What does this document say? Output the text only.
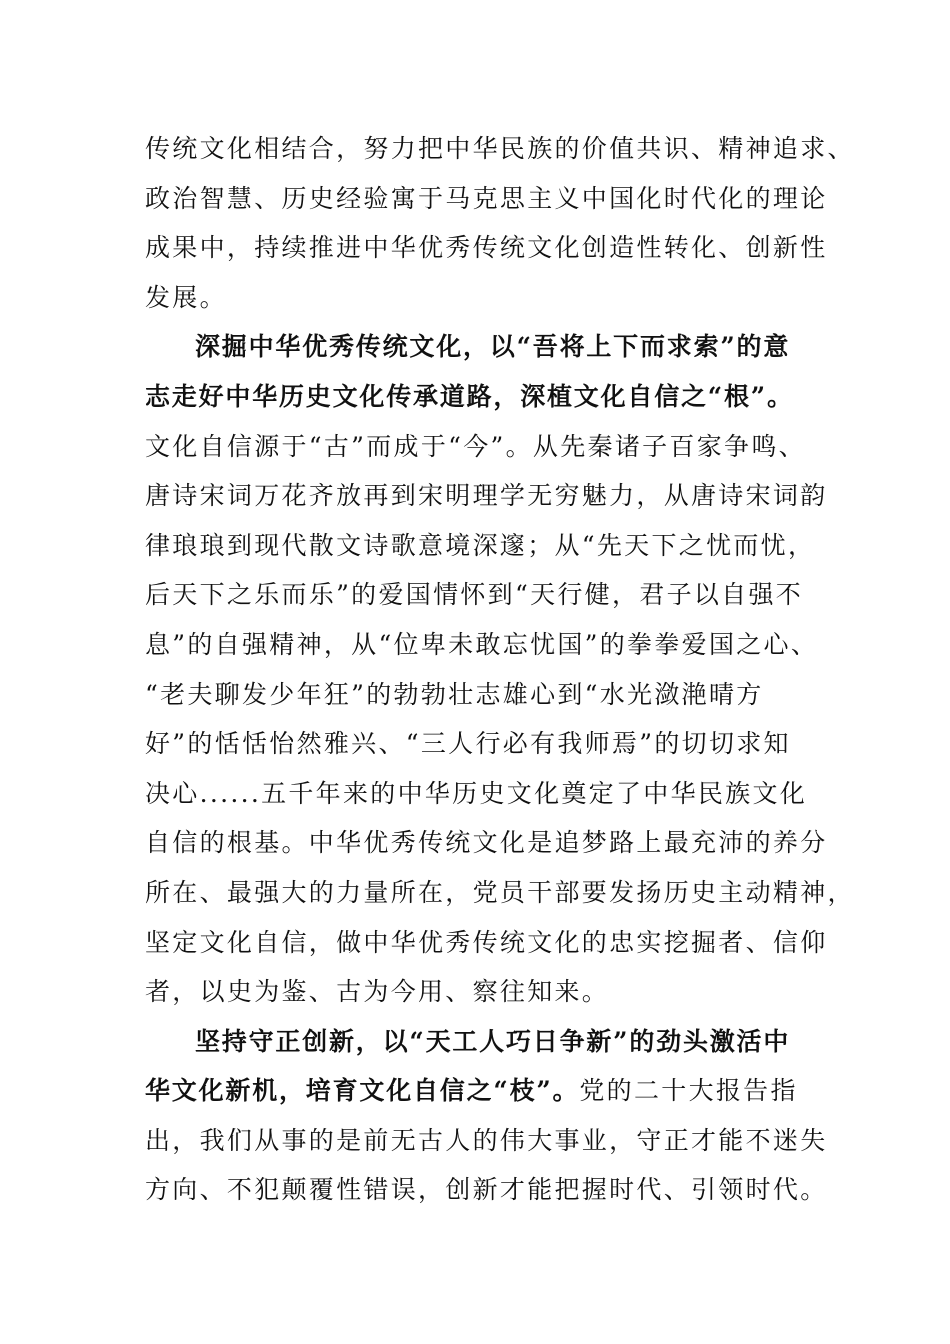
传统文化相结合，努力把中华民族的价值共识、精神追求、
政治智慧、历史经验寓于马克思主义中国化时代化的理论
成果中，持续推进中华优秀传统文化创造性转化、创新性
发展。
深掘中华优秀传统文化，以“吾将上下而求索”的意
志走好中华历史文化传承道路，深植文化自信之“根”。
文化自信源于“古”而成于“今”。从先秦诸子百家争鸣、
唐诗宋词万花齐放再到宋明理学无穷魅力，从唐诗宋词韵
律琅琅到现代散文诗歌意境深邃；从“先天下之忧而忧，
后天下之乐而乐”的爱国情怀到“天行健，君子以自强不
息”的自强精神，从“位卑未敢忘忧国”的拳拳爱国之心、
“老夫聊发少年狂”的勃勃壮志雄心到“水光潋滟晴方
好”的恬恬怡然雅兴、“三人行必有我师焉”的切切求知
决心......五千年来的中华历史文化奠定了中华民族文化
自信的根基。中华优秀传统文化是追梦路上最充沛的养分
所在、最强大的力量所在，党员干部要发扬历史主动精神，
坚定文化自信，做中华优秀传统文化的忠实挖掘者、信仰
者，以史为鉴、古为今用、察往知来。
坚持守正创新，以“天工人巧日争新”的劲头激活中
华文化新机，培育文化自信之“枝”。党的二十大报告指
出，我们从事的是前无古人的伟大事业，守正才能不迷失
方向、不犯颠覆性错误，创新才能把握时代、引领时代。
